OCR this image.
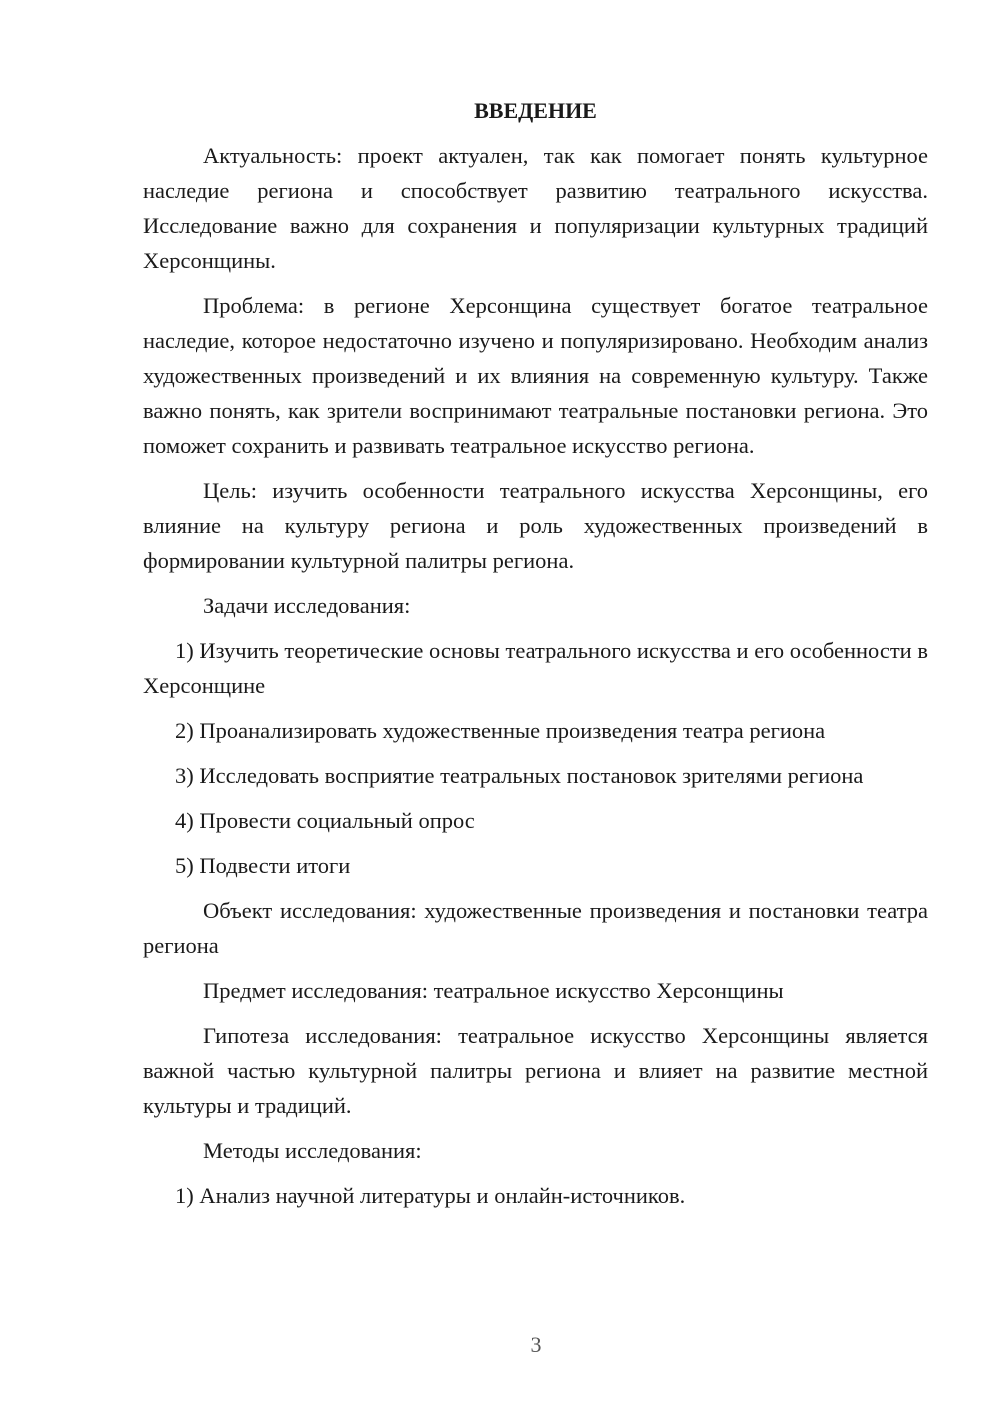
ВВЕДЕНИЕ

Актуальность: проект актуален, так как помогает понять культурное наследие региона и способствует развитию театрального искусства. Исследование важно для сохранения и популяризации культурных традиций Херсонщины.

Проблема: в регионе Херсонщина существует богатое театральное наследие, которое недостаточно изучено и популяризировано. Необходим анализ художественных произведений и их влияния на современную культуру. Также важно понять, как зрители воспринимают театральные постановки региона. Это поможет сохранить и развивать театральное искусство региона.

Цель: изучить особенности театрального искусства Херсонщины, его влияние на культуру региона и роль художественных произведений в формировании культурной палитры региона.

Задачи исследования:

1) Изучить теоретические основы театрального искусства и его особенности в Херсонщине

2) Проанализировать художественные произведения театра региона

3) Исследовать восприятие театральных постановок зрителями региона

4) Провести социальный опрос

5) Подвести итоги

Объект исследования: художественные произведения и постановки театра региона

Предмет исследования: театральное искусство Херсонщины

Гипотеза исследования: театральное искусство Херсонщины является важной частью культурной палитры региона и влияет на развитие местной культуры и традиций.

Методы исследования:

1) Анализ научной литературы и онлайн-источников.

3
